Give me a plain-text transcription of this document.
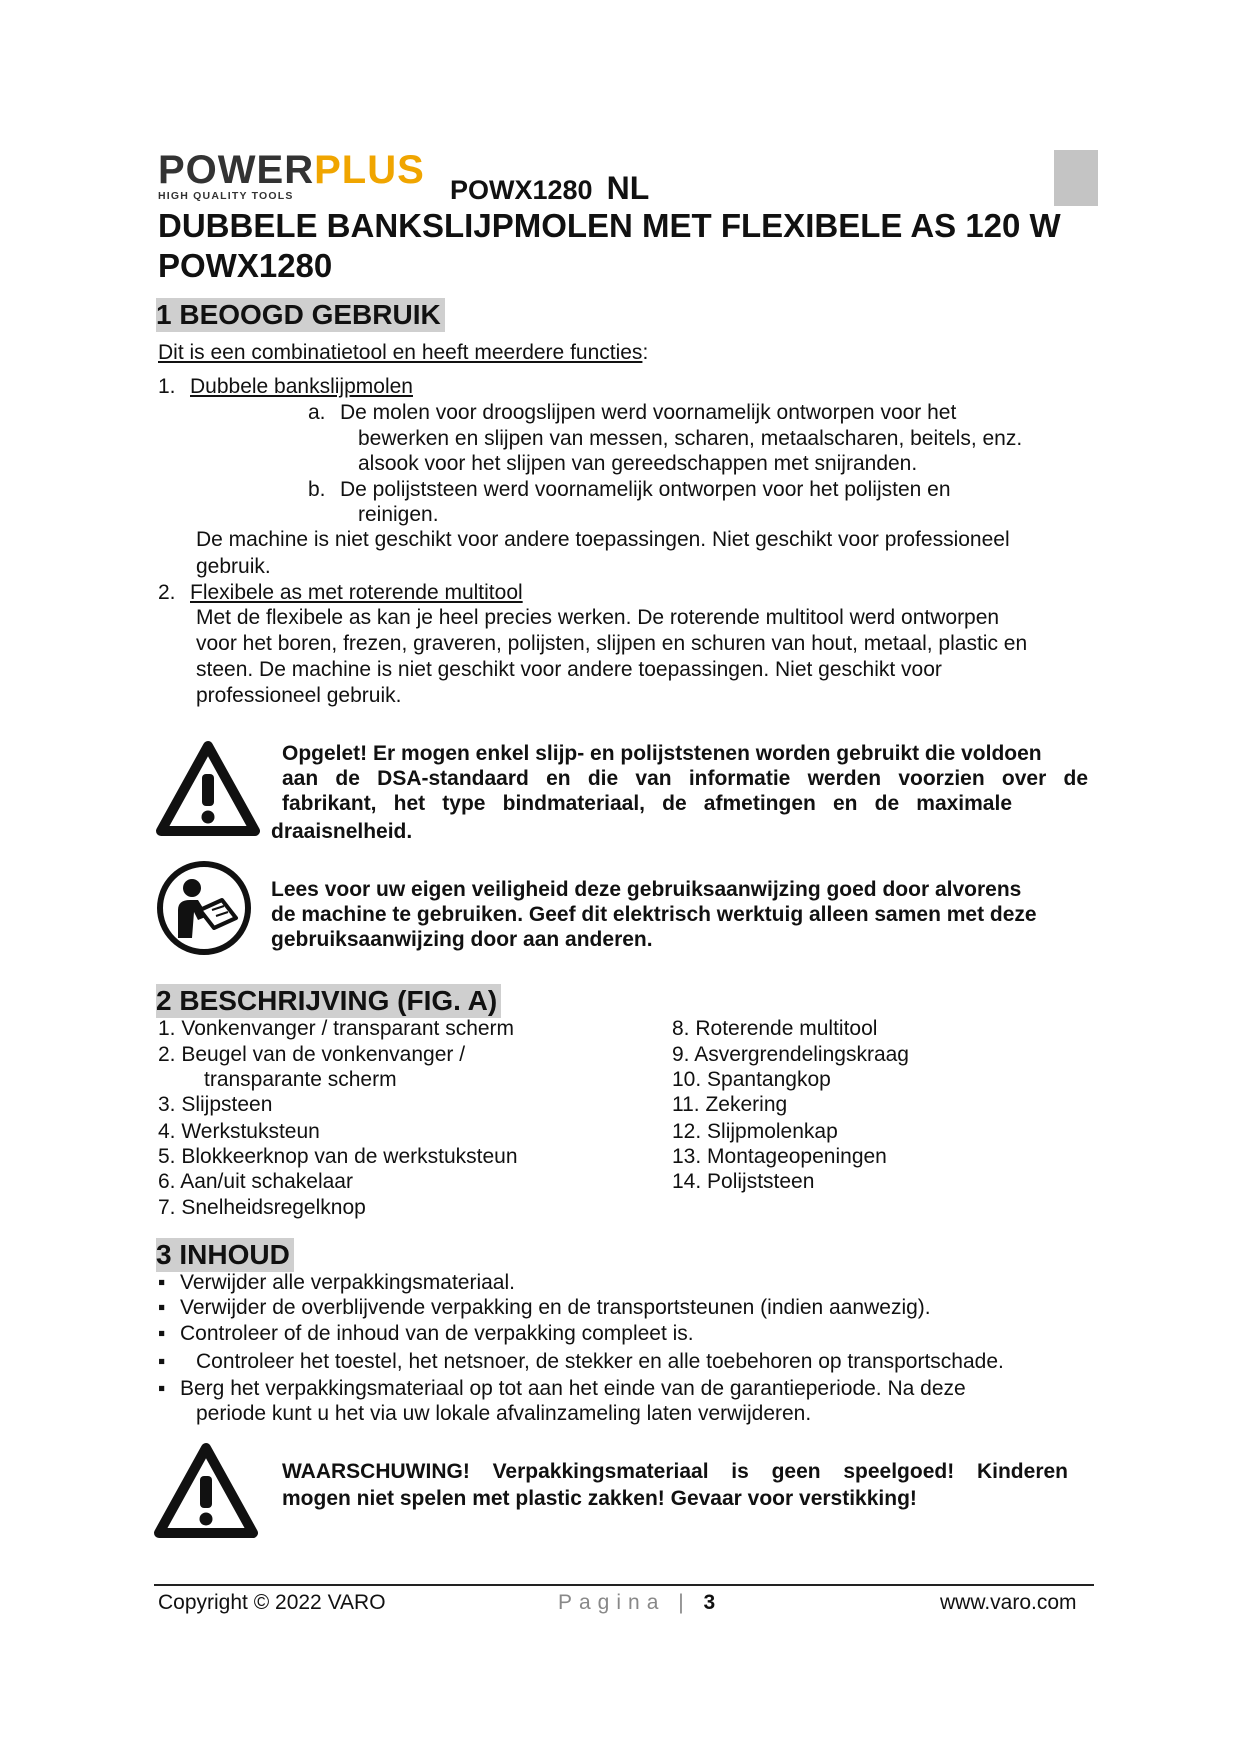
POWERPLUS
HIGH QUALITY TOOLS	POWX1280 NL
DUBBELE BANKSLIJPMOLEN MET FLEXIBELE AS 120 W
POWX1280
1 BEOOGD GEBRUIK
Dit is een combinatietool en heeft meerdere functies:
1. Dubbele bankslijpmolen
a. De molen voor droogslijpen werd voornamelijk ontworpen voor het
bewerken en slijpen van messen, scharen, metaalscharen, beitels, enz.
alsook voor het slijpen van gereedschappen met snijranden.
b. De polijststeen werd voornamelijk ontworpen voor het polijsten en
reinigen.
De machine is niet geschikt voor andere toepassingen. Niet geschikt voor professioneel
gebruik.
2. Flexibele as met roterende multitool
Met de flexibele as kan je heel precies werken. De roterende multitool werd ontworpen
voor het boren, frezen, graveren, polijsten, slijpen en schuren van hout, metaal, plastic en
steen. De machine is niet geschikt voor andere toepassingen. Niet geschikt voor
professioneel gebruik.
Opgelet! Er mogen enkel slijp- en polijststenen worden gebruikt die voldoen
aan de DSA-standaard en die van informatie werden voorzien over de
fabrikant, het type bindmateriaal, de afmetingen en de maximale
draaisnelheid.
Lees voor uw eigen veiligheid deze gebruiksaanwijzing goed door alvorens
de machine te gebruiken. Geef dit elektrisch werktuig alleen samen met deze
gebruiksaanwijzing door aan anderen.
2 BESCHRIJVING (FIG. A)
1. Vonkenvanger / transparant scherm
2. Beugel van de vonkenvanger /
transparante scherm
3. Slijpsteen
4. Werkstuksteun
5. Blokkeerknop van de werkstuksteun
6. Aan/uit schakelaar
7. Snelheidsregelknop
8. Roterende multitool
9. Asvergrendelingskraag
10. Spantangkop
11. Zekering
12. Slijpmolenkap
13. Montageopeningen
14. Polijststeen
3 INHOUD
▪ Verwijder alle verpakkingsmateriaal.
▪ Verwijder de overblijvende verpakking en de transportsteunen (indien aanwezig).
▪ Controleer of de inhoud van de verpakking compleet is.
▪ Controleer het toestel, het netsnoer, de stekker en alle toebehoren op transportschade.
▪ Berg het verpakkingsmateriaal op tot aan het einde van de garantieperiode. Na deze
periode kunt u het via uw lokale afvalinzameling laten verwijderen.
WAARSCHUWING! Verpakkingsmateriaal is geen speelgoed! Kinderen
mogen niet spelen met plastic zakken! Gevaar voor verstikking!
Copyright © 2022 VARO	Pagina | 3	www.varo.com
